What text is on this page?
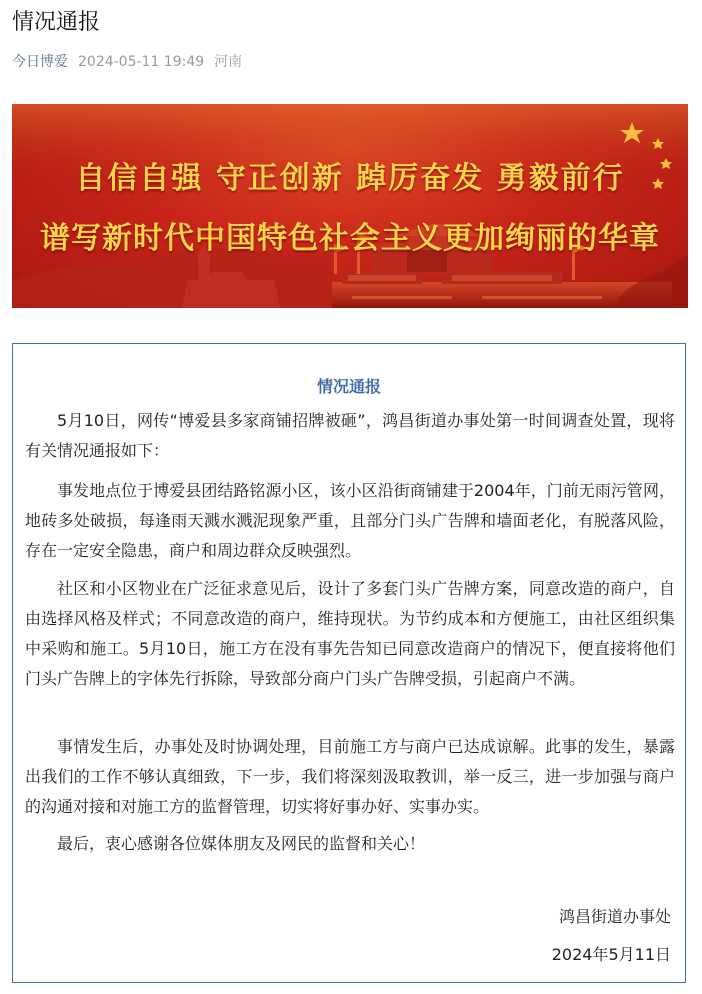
情况通报
今日博爱 2024-05-11 19:49 河南
自信自强 守正创新 踔厉奋发 勇毅前行
谱写新时代中国特色社会主义更加绚丽的华章
情况通报

5月10日，网传“博爱县多家商铺招牌被砸”，鸿昌街道办事处第一时间调查处置，现将有关情况通报如下：

事发地点位于博爱县团结路铭源小区，该小区沿街商铺建于2004年，门前无雨污管网，地砖多处破损，每逢雨天溅水溅泥现象严重，且部分门头广告牌和墙面老化，有脱落风险，存在一定安全隐患，商户和周边群众反映强烈。

社区和小区物业在广泛征求意见后，设计了多套门头广告牌方案，同意改造的商户，自由选择风格及样式；不同意改造的商户，维持现状。为节约成本和方便施工，由社区组织集中采购和施工。5月10日，施工方在没有事先告知已同意改造商户的情况下，便直接将他们门头广告牌上的字体先行拆除，导致部分商户门头广告牌受损，引起商户不满。

事情发生后，办事处及时协调处理，目前施工方与商户已达成谅解。此事的发生，暴露出我们的工作不够认真细致，下一步，我们将深刻汲取教训，举一反三，进一步加强与商户的沟通对接和对施工方的监督管理，切实将好事办好、实事办实。

最后，衷心感谢各位媒体朋友及网民的监督和关心！

鸿昌街道办事处
2024年5月11日
